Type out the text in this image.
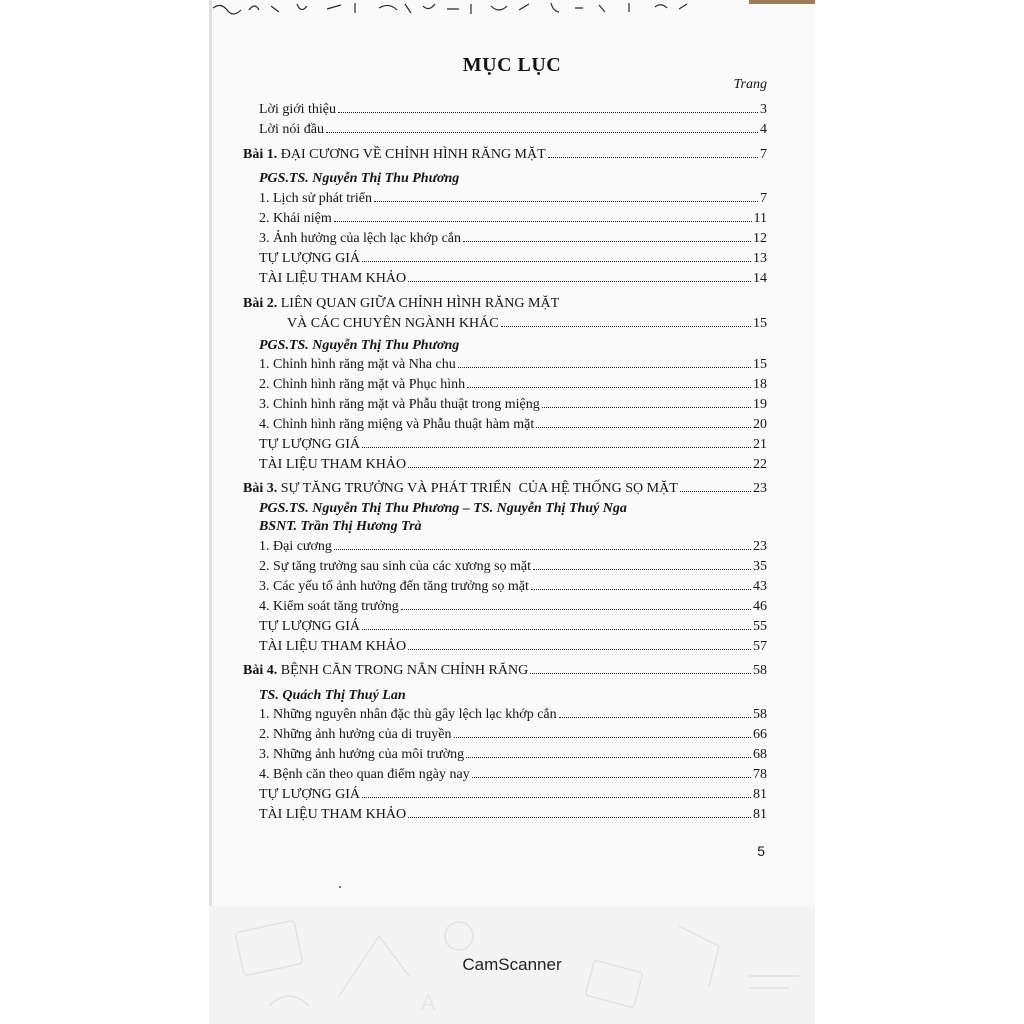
MỤC LỤC
Trang
Lời giới thiệu	3
Lời nói đầu	4
Bài 1. ĐẠI CƯƠNG VỀ CHỈNH HÌNH RĂNG MẶT	7
PGS.TS. Nguyễn Thị Thu Phương
1. Lịch sử phát triển	7
2. Khái niệm	11
3. Ảnh hưởng của lệch lạc khớp cắn	12
TỰ LƯỢNG GIÁ	13
TÀI LIỆU THAM KHẢO	14
Bài 2. LIÊN QUAN GIỮA CHỈNH HÌNH RĂNG MẶT
VÀ CÁC CHUYÊN NGÀNH KHÁC	15
PGS.TS. Nguyễn Thị Thu Phương
1. Chỉnh hình răng mặt và Nha chu	15
2. Chỉnh hình răng mặt và Phục hình	18
3. Chỉnh hình răng mặt và Phẫu thuật trong miệng	19
4. Chỉnh hình răng miệng và Phẫu thuật hàm mặt	20
TỰ LƯỢNG GIÁ	21
TÀI LIỆU THAM KHẢO	22
Bài 3. SỰ TĂNG TRƯỞNG VÀ PHÁT TRIỂN  CỦA HỆ THỐNG SỌ MẶT	23
PGS.TS. Nguyễn Thị Thu Phương – TS. Nguyễn Thị Thuý Nga
BSNT. Trần Thị Hương Trà
1. Đại cương	23
2. Sự tăng trưởng sau sinh của các xương sọ mặt	35
3. Các yếu tố ảnh hưởng đến tăng trưởng sọ mặt	43
4. Kiểm soát tăng trưởng	46
TỰ LƯỢNG GIÁ	55
TÀI LIỆU THAM KHẢO	57
Bài 4. BỆNH CĂN TRONG NẮN CHỈNH RĂNG	58
TS. Quách Thị Thuý Lan
1. Những nguyên nhân đặc thù gây lệch lạc khớp cắn	58
2. Những ảnh hưởng của di truyền	66
3. Những ảnh hưởng của môi trường	68
4. Bệnh căn theo quan điểm ngày nay	78
TỰ LƯỢNG GIÁ	81
TÀI LIỆU THAM KHẢO	81
5
A
CamScanner
